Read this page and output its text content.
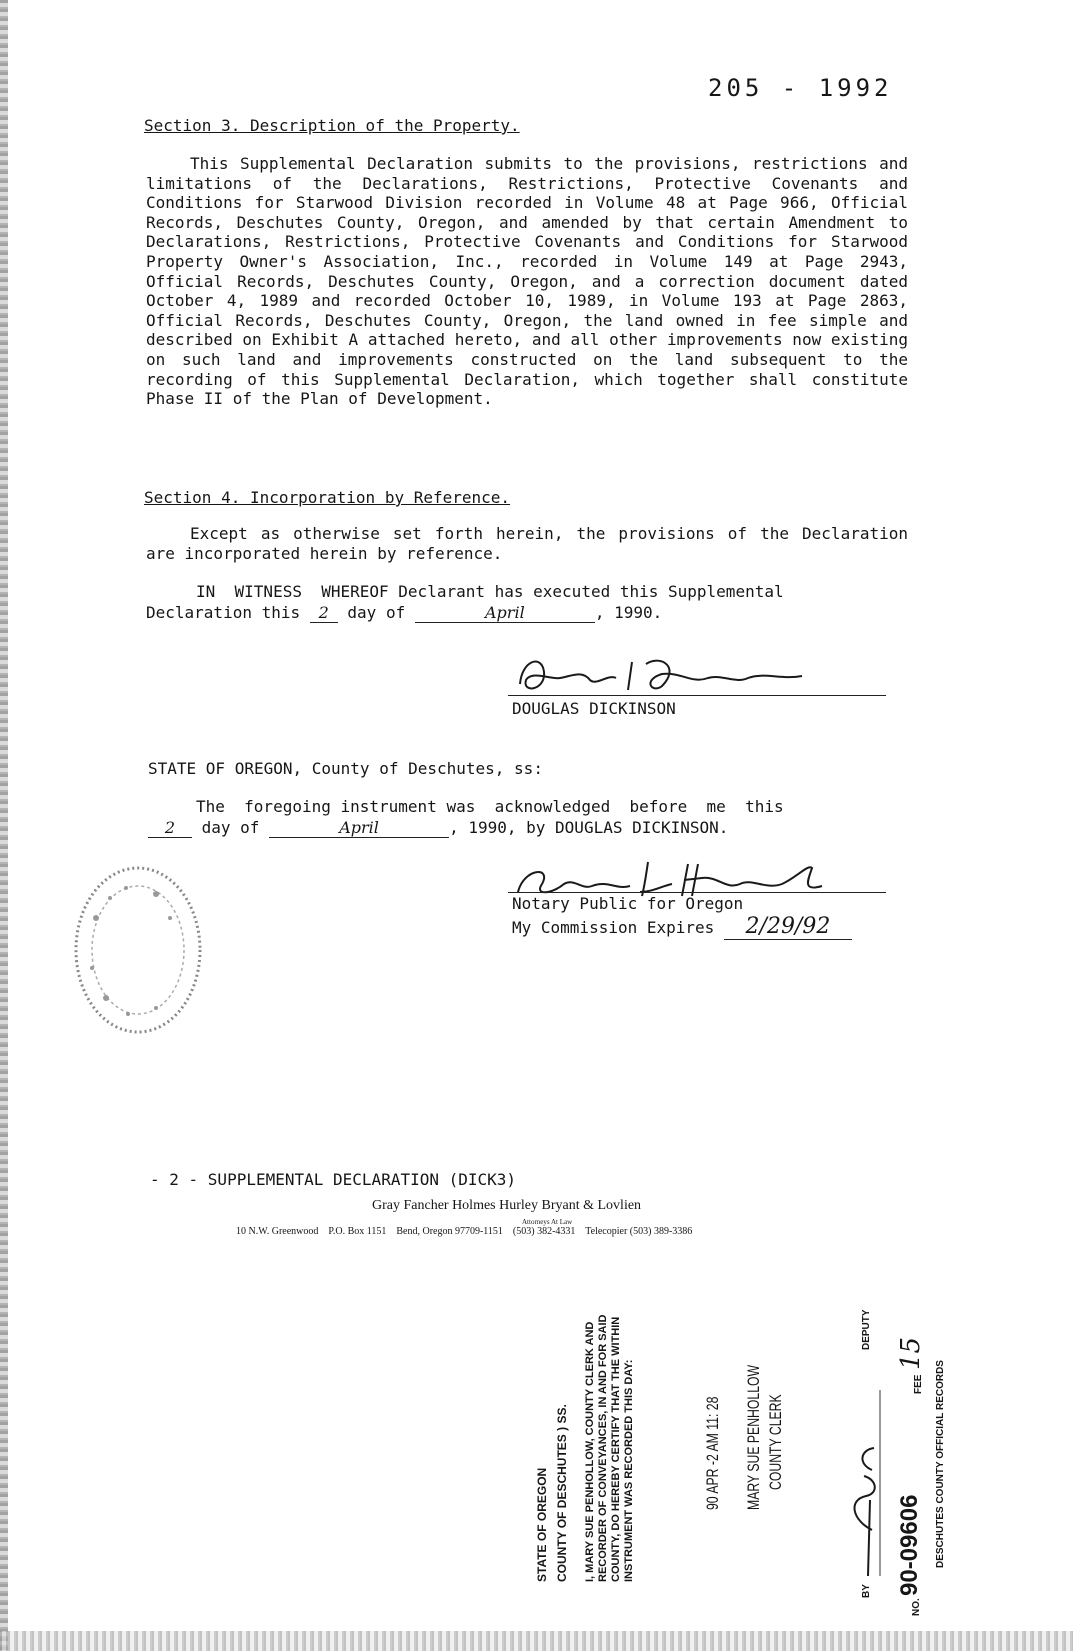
205 - 1992
Section 3. Description of the Property.
This Supplemental Declaration submits to the provisions, restrictions and limitations of the Declarations, Restrictions, Protective Covenants and Conditions for Starwood Division recorded in Volume 48 at Page 966, Official Records, Deschutes County, Oregon, and amended by that certain Amendment to Declarations, Restrictions, Protective Covenants and Conditions for Starwood Property Owner's Association, Inc., recorded in Volume 149 at Page 2943, Official Records, Deschutes County, Oregon, and a correction document dated October 4, 1989 and recorded October 10, 1989, in Volume 193 at Page 2863, Official Records, Deschutes County, Oregon, the land owned in fee simple and described on Exhibit A attached hereto, and all other improvements now existing on such land and improvements constructed on the land subsequent to the recording of this Supplemental Declaration, which together shall constitute Phase II of the Plan of Development.
Section 4. Incorporation by Reference.
Except as otherwise set forth herein, the provisions of the Declaration are incorporated herein by reference.
IN  WITNESS  WHEREOF Declarant has executed this Supplemental
Declaration this 2 day of	April	, 1990.
DOUGLAS DICKINSON
STATE OF OREGON, County of Deschutes, ss:
The  foregoing instrument was  acknowledged  before  me  this
2 day of	April	, 1990, by DOUGLAS DICKINSON.
Notary Public for Oregon
My Commission Expires 2/29/92
- 2 - SUPPLEMENTAL DECLARATION (DICK3)
Gray Fancher Holmes Hurley Bryant & Lovlien
Attorneys At Law
10 N.W. Greenwood    P.O. Box 1151    Bend, Oregon 97709-1151    (503) 382-4331    Telecopier (503) 389-3386
STATE OF OREGON COUNTY OF DESCHUTES ) SS. I, MARY SUE PENHOLLOW, COUNTY CLERK AND RECORDER OF CONVEYANCES, IN AND FOR SAID COUNTY, DO HEREBY CERTIFY THAT THE WITHIN INSTRUMENT WAS RECORDED THIS DAY:	90 APR -2 AM 11: 28 MARY SUE PENHOLLOW COUNTY CLERK
BY
DEPUTY
NO.
90-09606
FEE
15
DESCHUTES COUNTY OFFICIAL RECORDS
